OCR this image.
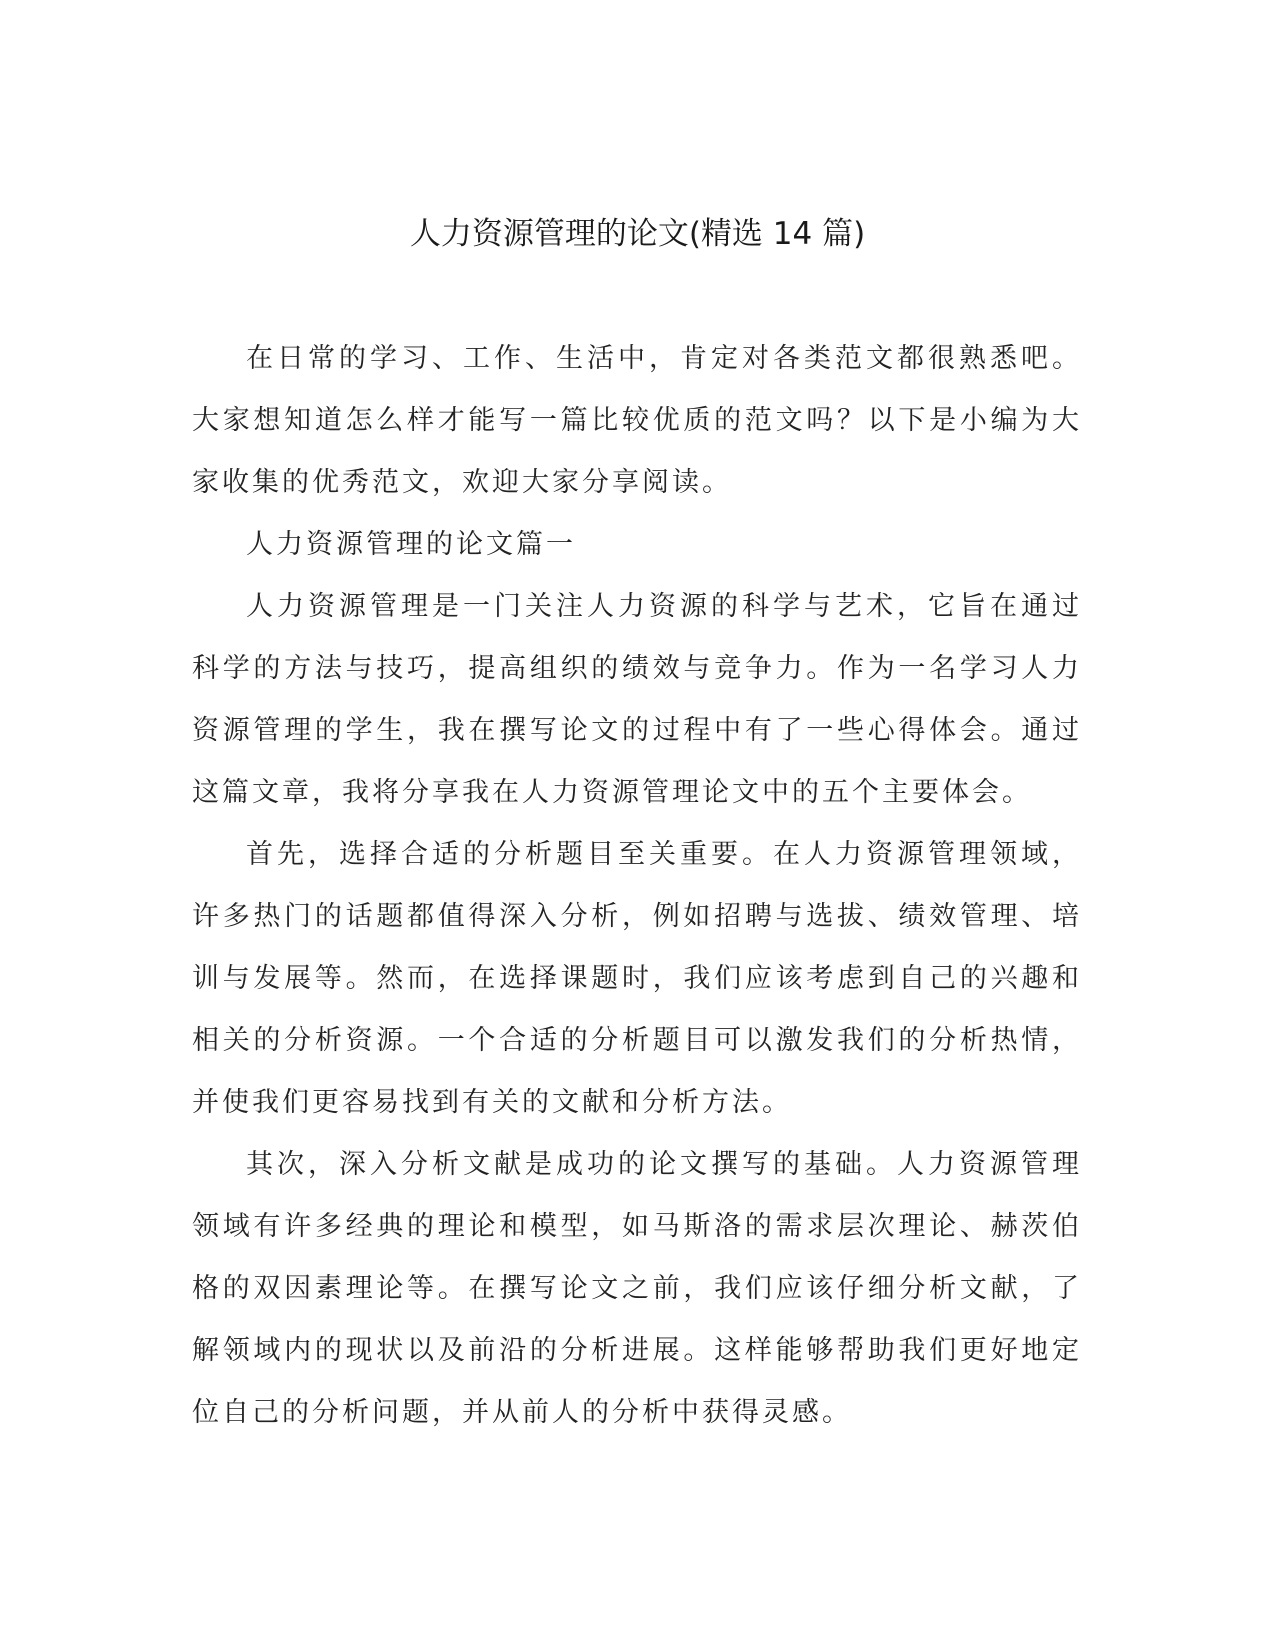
人力资源管理的论文(精选 14 篇)

在日常的学习、工作、生活中，肯定对各类范文都很熟悉吧。大家想知道怎么样才能写一篇比较优质的范文吗？以下是小编为大家收集的优秀范文，欢迎大家分享阅读。

人力资源管理的论文篇一

人力资源管理是一门关注人力资源的科学与艺术，它旨在通过科学的方法与技巧，提高组织的绩效与竞争力。作为一名学习人力资源管理的学生，我在撰写论文的过程中有了一些心得体会。通过这篇文章，我将分享我在人力资源管理论文中的五个主要体会。

首先，选择合适的分析题目至关重要。在人力资源管理领域，许多热门的话题都值得深入分析，例如招聘与选拔、绩效管理、培训与发展等。然而，在选择课题时，我们应该考虑到自己的兴趣和相关的分析资源。一个合适的分析题目可以激发我们的分析热情，并使我们更容易找到有关的文献和分析方法。

其次，深入分析文献是成功的论文撰写的基础。人力资源管理领域有许多经典的理论和模型，如马斯洛的需求层次理论、赫茨伯格的双因素理论等。在撰写论文之前，我们应该仔细分析文献，了解领域内的现状以及前沿的分析进展。这样能够帮助我们更好地定位自己的分析问题，并从前人的分析中获得灵感。
